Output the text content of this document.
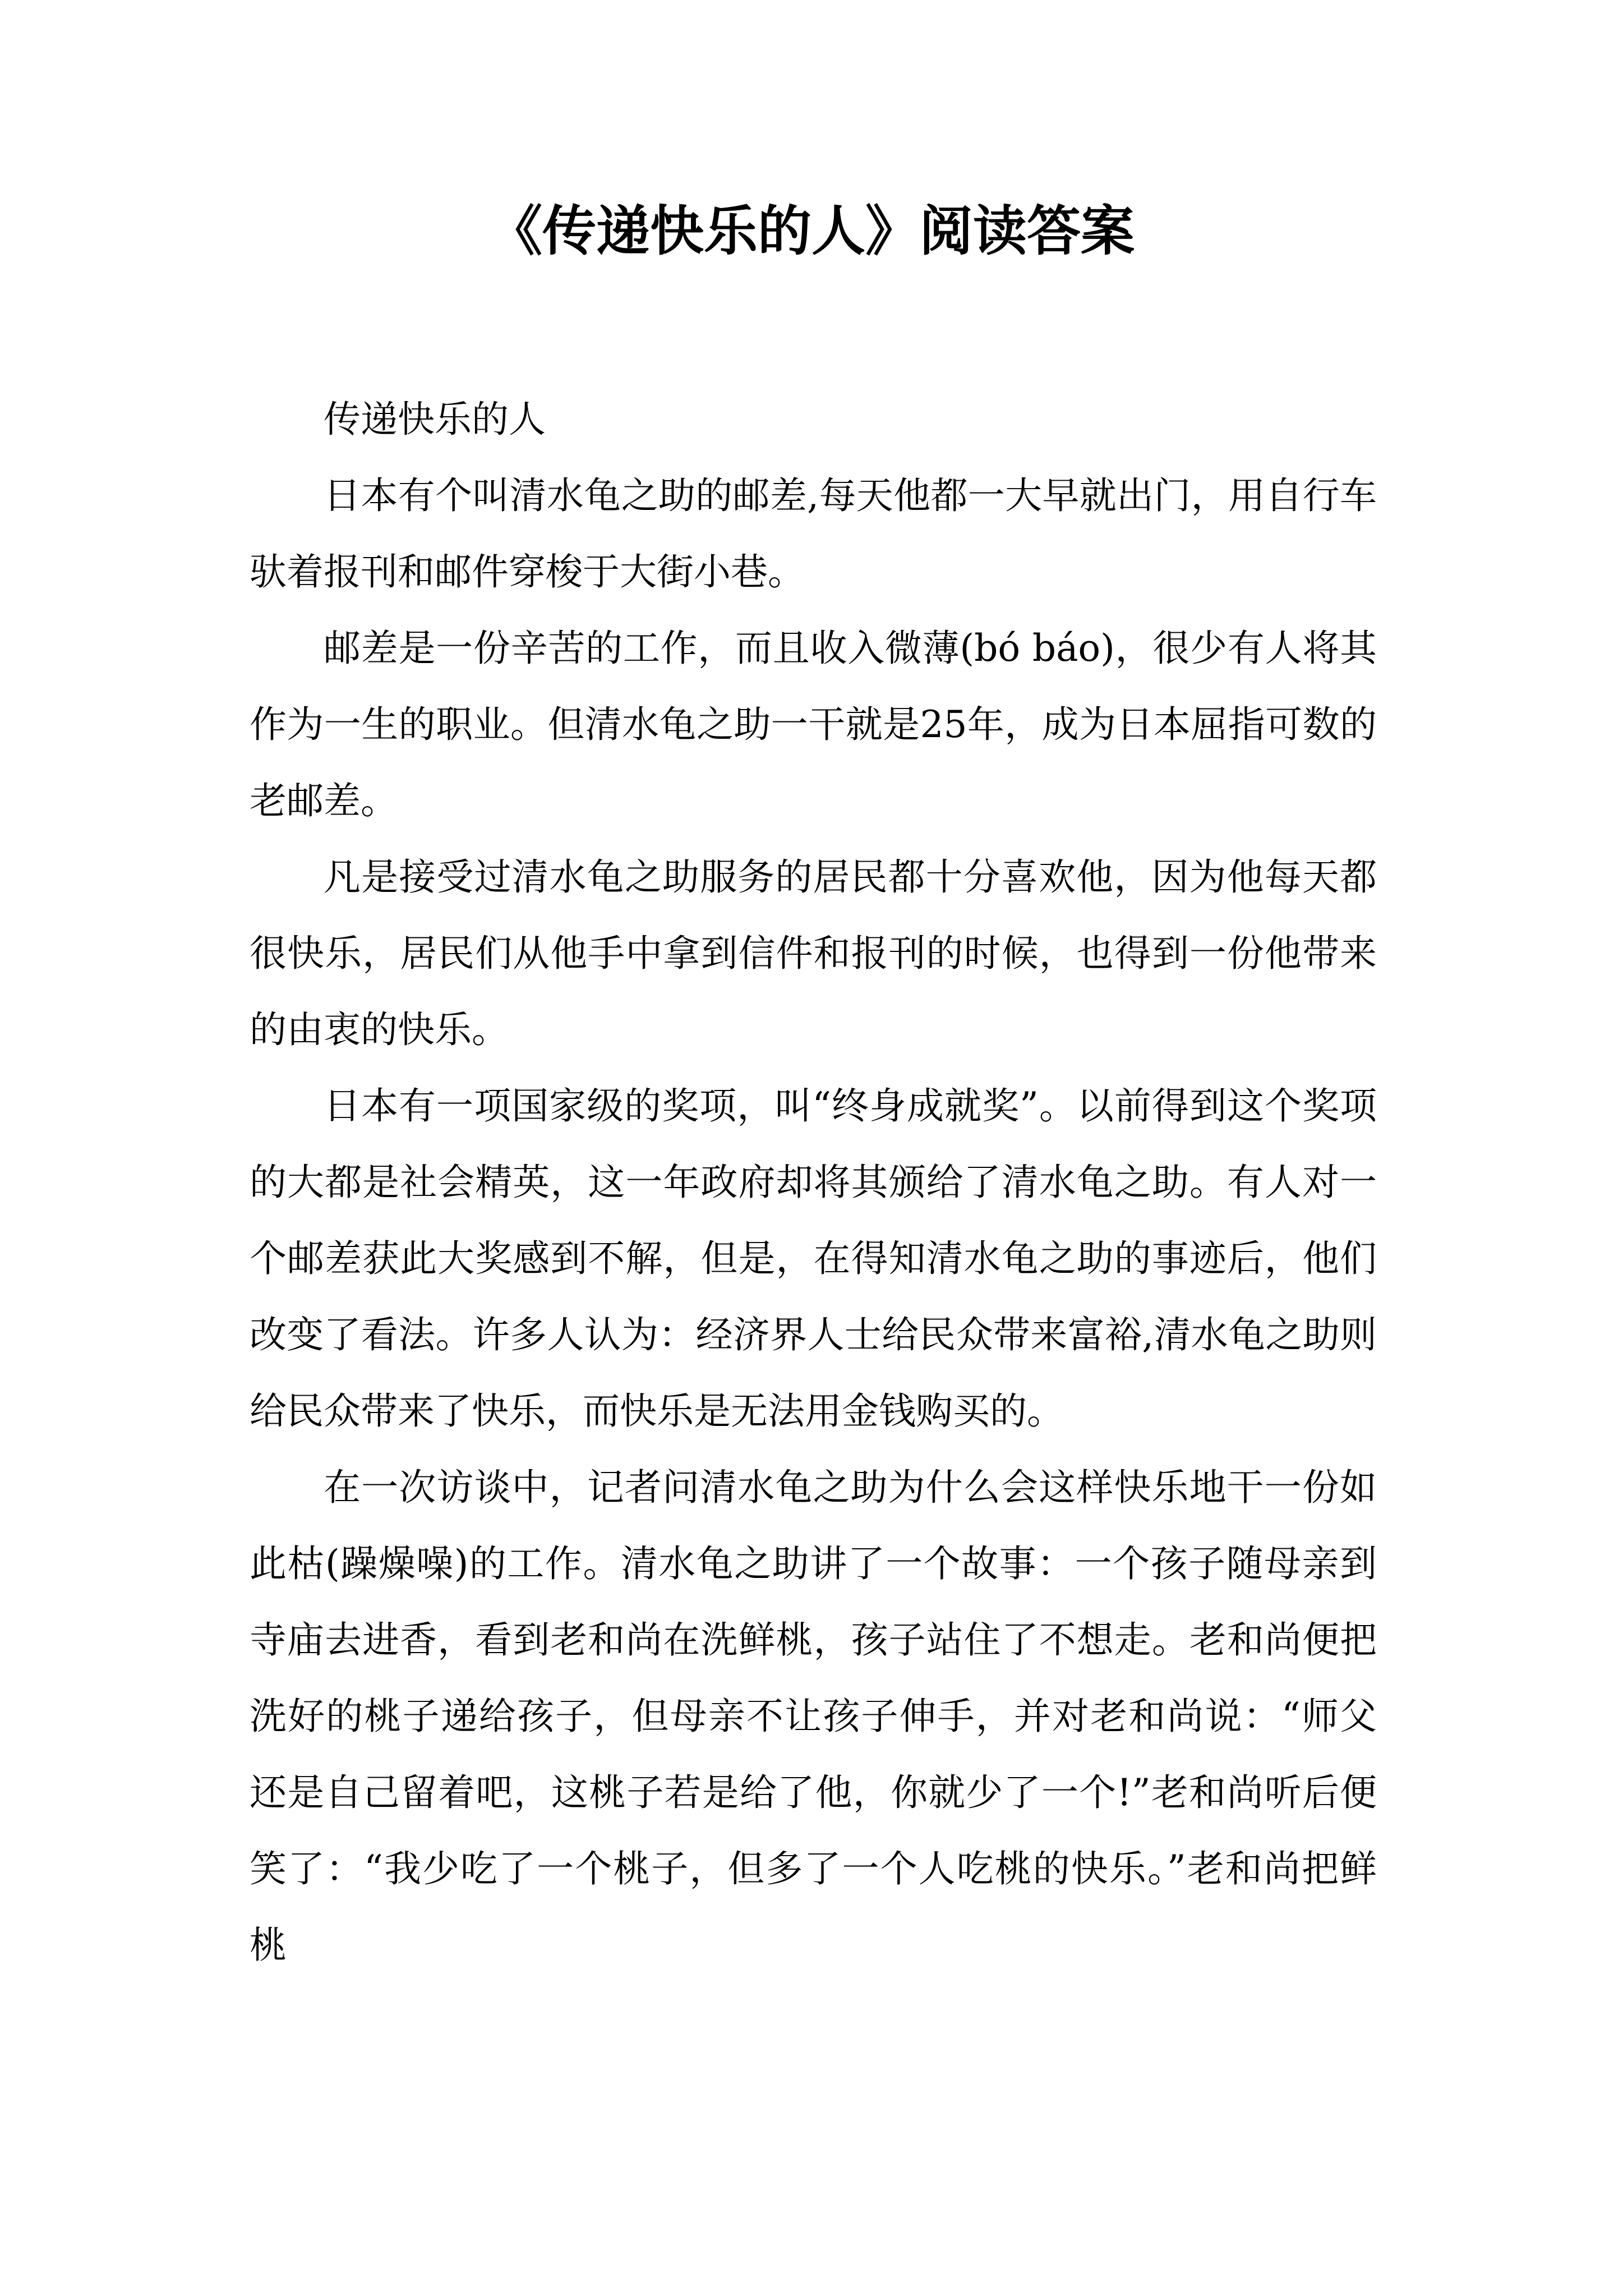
《传递快乐的人》阅读答案

传递快乐的人

日本有个叫清水龟之助的邮差,每天他都一大早就出门，用自行车驮着报刊和邮件穿梭于大街小巷。

邮差是一份辛苦的工作，而且收入微薄(bó báo)，很少有人将其作为一生的职业。但清水龟之助一干就是25年，成为日本屈指可数的老邮差。

凡是接受过清水龟之助服务的居民都十分喜欢他，因为他每天都很快乐，居民们从他手中拿到信件和报刊的时候，也得到一份他带来的由衷的快乐。

日本有一项国家级的奖项，叫“终身成就奖”。以前得到这个奖项的大都是社会精英，这一年政府却将其颁给了清水龟之助。有人对一个邮差获此大奖感到不解，但是，在得知清水龟之助的事迹后，他们改变了看法。许多人认为：经济界人士给民众带来富裕,清水龟之助则给民众带来了快乐，而快乐是无法用金钱购买的。

在一次访谈中，记者问清水龟之助为什么会这样快乐地干一份如此枯(躁燥噪)的工作。清水龟之助讲了一个故事：一个孩子随母亲到寺庙去进香，看到老和尚在洗鲜桃，孩子站住了不想走。老和尚便把洗好的桃子递给孩子，但母亲不让孩子伸手，并对老和尚说：“师父还是自己留着吧，这桃子若是给了他，你就少了一个!”老和尚听后便笑了：“我少吃了一个桃子，但多了一个人吃桃的快乐。”老和尚把鲜桃
